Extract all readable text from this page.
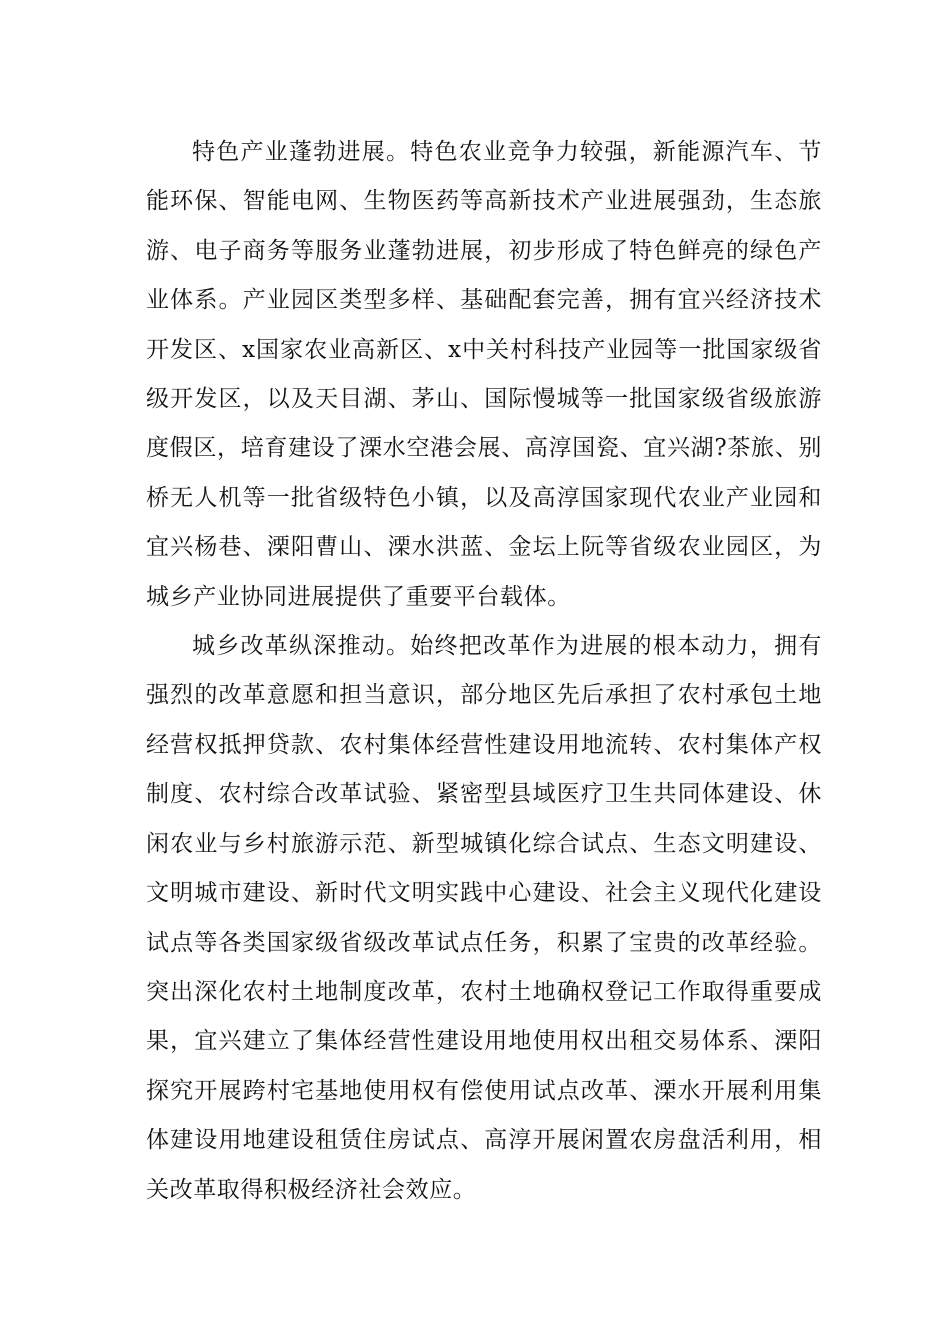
特色产业蓬勃进展。特色农业竞争力较强，新能源汽车、节能环保、智能电网、生物医药等高新技术产业进展强劲，生态旅游、电子商务等服务业蓬勃进展，初步形成了特色鲜亮的绿色产业体系。产业园区类型多样、基础配套完善，拥有宜兴经济技术开发区、x国家农业高新区、x中关村科技产业园等一批国家级省级开发区，以及天目湖、茅山、国际慢城等一批国家级省级旅游度假区，培育建设了溧水空港会展、高淳国瓷、宜兴湖?茶旅、别桥无人机等一批省级特色小镇，以及高淳国家现代农业产业园和宜兴杨巷、溧阳曹山、溧水洪蓝、金坛上阮等省级农业园区，为城乡产业协同进展提供了重要平台载体。

城乡改革纵深推动。始终把改革作为进展的根本动力，拥有强烈的改革意愿和担当意识，部分地区先后承担了农村承包土地经营权抵押贷款、农村集体经营性建设用地流转、农村集体产权制度、农村综合改革试验、紧密型县域医疗卫生共同体建设、休闲农业与乡村旅游示范、新型城镇化综合试点、生态文明建设、文明城市建设、新时代文明实践中心建设、社会主义现代化建设试点等各类国家级省级改革试点任务，积累了宝贵的改革经验。突出深化农村土地制度改革，农村土地确权登记工作取得重要成果，宜兴建立了集体经营性建设用地使用权出租交易体系、溧阳探究开展跨村宅基地使用权有偿使用试点改革、溧水开展利用集体建设用地建设租赁住房试点、高淳开展闲置农房盘活利用，相关改革取得积极经济社会效应。
